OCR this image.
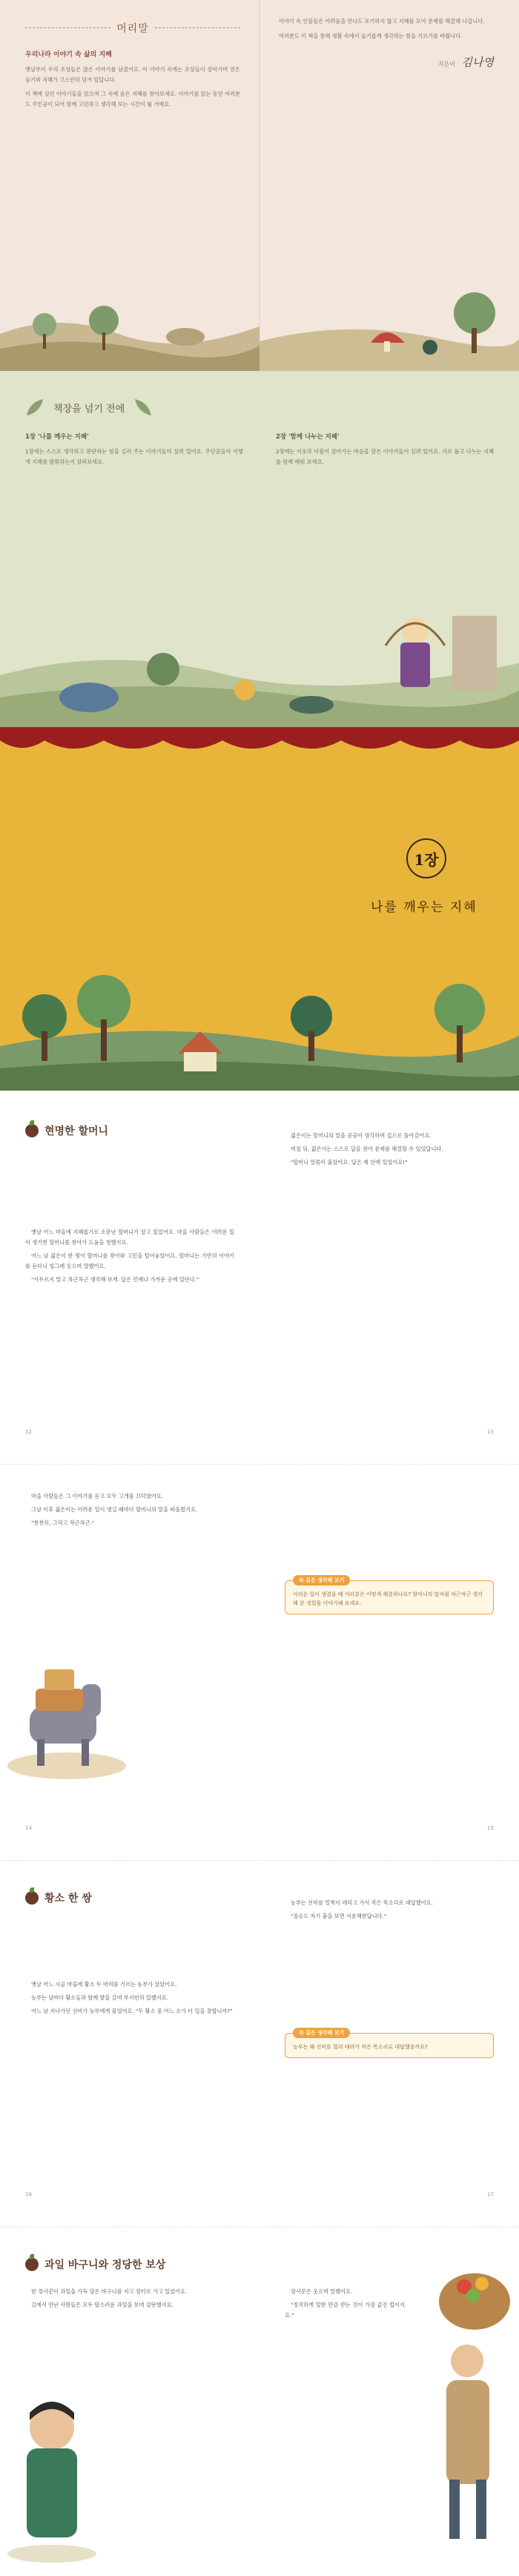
머리말
우리나라 이야기 속 삶의 지혜

옛날부터 우리 조상들은 많은 이야기를 남겼어요. 이 이야기 속에는 조상들이 살아가며 얻은 슬기와 지혜가 고스란히 담겨 있답니다.

이 책에 실린 이야기들을 읽으며 그 속에 숨은 지혜를 찾아보세요. 이야기를 읽는 동안 여러분도 주인공이 되어 함께 고민하고 생각해 보는 시간이 될 거예요.

이야기 속 인물들은 어려움을 만나도 포기하지 않고 지혜를 모아 문제를 해결해 나갑니다.

여러분도 이 책을 통해 생활 속에서 슬기롭게 생각하는 힘을 기르기를 바랍니다.

지은이 김나영
책장을 넘기 전에
1장 '나를 깨우는 지혜'
1장에는 스스로 생각하고 판단하는 힘을 길러 주는 이야기들이 실려 있어요. 주인공들이 어떻게 지혜를 발휘하는지 살펴보세요.
2장 '함께 나누는 지혜'
2장에는 이웃과 더불어 살아가는 마음을 담은 이야기들이 실려 있어요. 서로 돕고 나누는 지혜를 함께 배워 보세요.
1장
나를 깨우는 지혜
현명한 할머니

옛날 어느 마을에 지혜롭기로 소문난 할머니가 살고 있었어요. 마을 사람들은 어려운 일이 생기면 할머니를 찾아가 도움을 청했지요.

어느 날 젊은이 한 명이 할머니를 찾아와 고민을 털어놓았어요. 할머니는 가만히 이야기를 듣더니 빙그레 웃으며 말했어요.

"서두르지 말고 차근차근 생각해 보게. 답은 언제나 가까운 곳에 있단다."

12

젊은이는 할머니의 말을 곰곰이 생각하며 집으로 돌아갔어요.

며칠 뒤, 젊은이는 스스로 답을 찾아 문제를 해결할 수 있었답니다.

"할머니 말씀이 옳았어요. 답은 제 안에 있었어요!"

13

마을 사람들은 그 이야기를 듣고 모두 고개를 끄덕였어요.

그날 이후 젊은이는 어려운 일이 생길 때마다 할머니의 말을 떠올렸지요.

"천천히, 그리고 차근차근."

14
속 깊은 생각해 보기
어려운 일이 생겼을 때 여러분은 어떻게 해결하나요? 할머니의 말처럼 차근차근 생각해 본 경험을 이야기해 보세요.
15
황소 한 쌍

옛날 어느 시골 마을에 황소 두 마리를 기르는 농부가 살았어요.

농부는 날마다 황소들과 함께 밭을 갈며 부지런히 일했지요.

어느 날 지나가던 선비가 농부에게 물었어요. "두 황소 중 어느 소가 더 일을 잘합니까?"

16

농부는 선비를 멀찍이 데리고 가서 작은 목소리로 대답했어요.

"짐승도 자기 흉을 보면 서운해한답니다."

속 깊은 생각해 보기
농부는 왜 선비를 멀리 데려가 작은 목소리로 대답했을까요?
17
과일 바구니와 정당한 보상

한 장사꾼이 과일을 가득 담은 바구니를 지고 장터로 가고 있었어요.

길에서 만난 사람들은 모두 탐스러운 과일을 보며 감탄했지요.

장사꾼은 웃으며 말했어요.

"정직하게 일한 만큼 받는 것이 가장 값진 법이지요."
